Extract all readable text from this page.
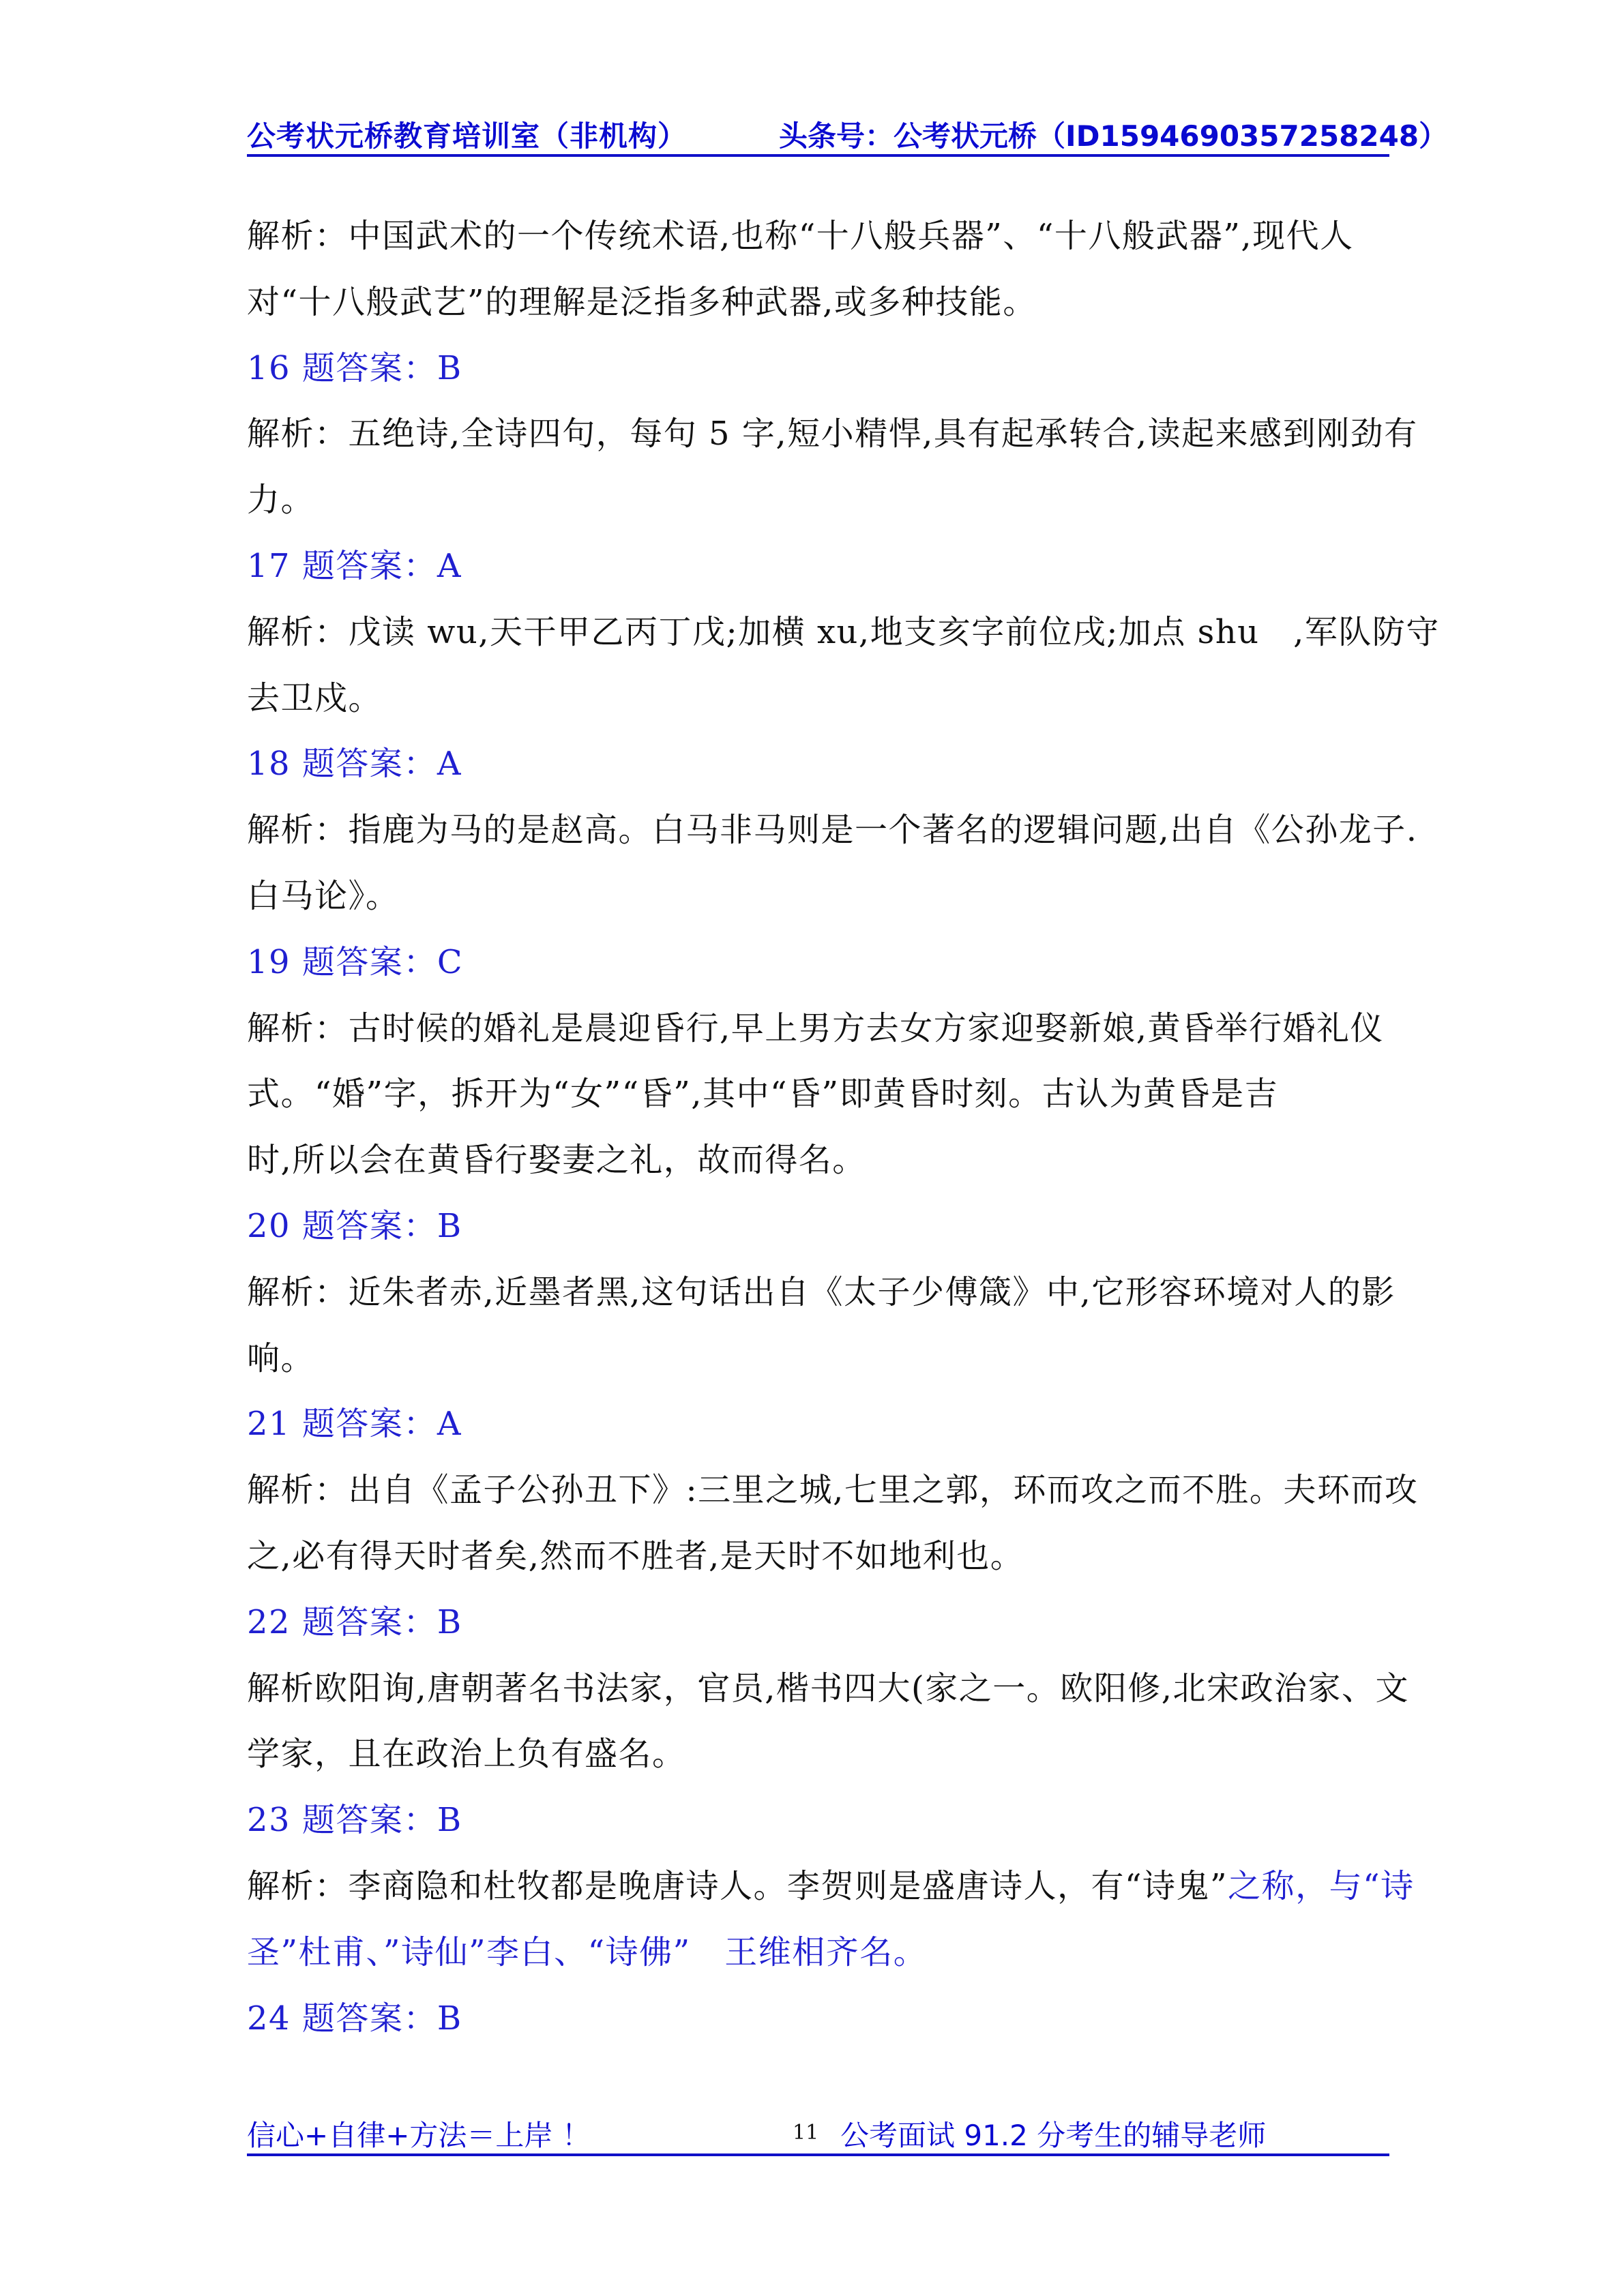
公考状元桥教育培训室（非机构）	头条号：公考状元桥（ID1594690357258248）
解析：中国武术的一个传统术语,也称“十八般兵器”、“十八般武器”,现代人
对“十八般武艺”的理解是泛指多种武器,或多种技能。
16 题答案：B
解析：五绝诗,全诗四句，每句 5 字,短小精悍,具有起承转合,读起来感到刚劲有
力。
17 题答案：A
解析：戊读 wu,天干甲乙丙丁戊;加横 xu,地支亥字前位戌;加点 shu　,军队防守
去卫戍。
18 题答案：A
解析：指鹿为马的是赵高。白马非马则是一个著名的逻辑问题,出自《公孙龙子.
白马论》。
19 题答案：C
解析：古时候的婚礼是晨迎昏行,早上男方去女方家迎娶新娘,黄昏举行婚礼仪
式。“婚”字，拆开为“女”“昏”,其中“昏”即黄昏时刻。古认为黄昏是吉
时,所以会在黄昏行娶妻之礼，故而得名。
20 题答案：B
解析：近朱者赤,近墨者黑,这句话出自《太子少傅箴》中,它形容环境对人的影
响。
21 题答案：A
解析：出自《孟子公孙丑下》:三里之城,七里之郭，环而攻之而不胜。夫环而攻
之,必有得天时者矣,然而不胜者,是天时不如地利也。
22 题答案：B
解析欧阳询,唐朝著名书法家，官员,楷书四大(家之一。欧阳修,北宋政治家、文
学家，且在政治上负有盛名。
23 题答案：B
解析：李商隐和杜牧都是晚唐诗人。李贺则是盛唐诗人，有“诗鬼”之称，与“诗
圣”杜甫、”诗仙”李白、“诗佛”　王维相齐名。
24 题答案：B
信心+自律+方法＝上岸 ！	11 公考面试 91.2 分考生的辅导老师
